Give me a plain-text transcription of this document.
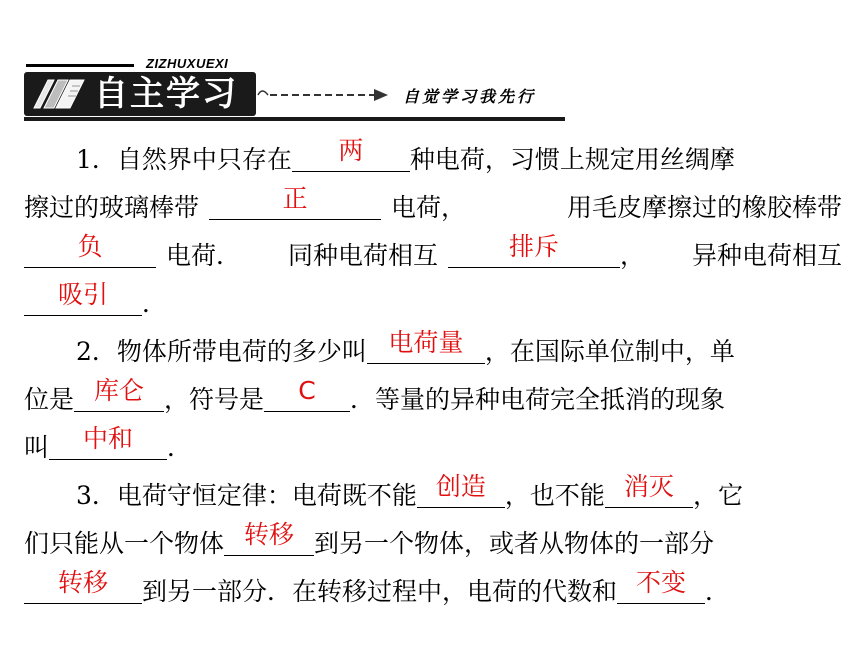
ZIZHUXUEXI
自主学习	自觉学习我先行
1．自然界中只存在	两	种电荷，习惯上规定用丝绸摩
擦过的玻璃棒带	正	电荷，	用毛皮摩擦过的橡胶棒带
负	电荷． 同种电荷相互	排斥	， 异种电荷相互
吸引	．
2．物体所带电荷的多少叫 电荷量 ，在国际单位制中，单
位是 库仑 ，符号是	C	．等量的异种电荷完全抵消的现象
叫	中和	．
3．电荷守恒定律：电荷既不能 创造 ，也不能 消灭 ，它
们只能从一个物体 转移 到另一个物体，或者从物体的一部分
转移	到另一部分．在转移过程中，电荷的代数和 不变 ．
